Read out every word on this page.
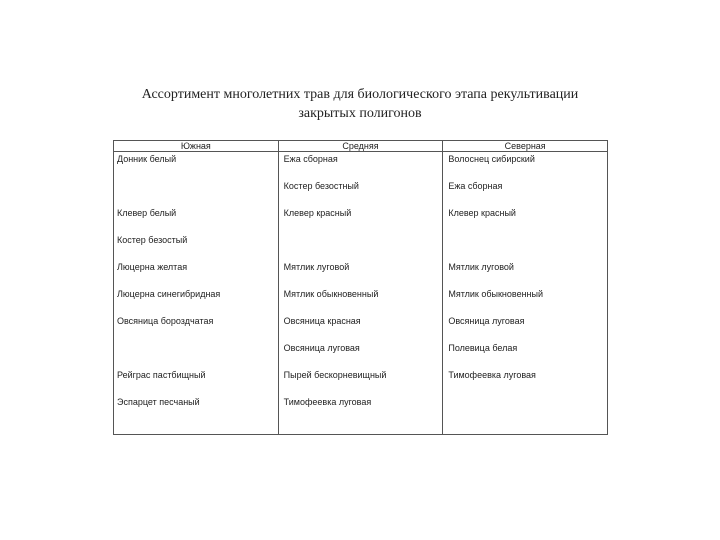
Ассортимент многолетних трав для биологического этапа рекультивации
закрытых полигонов
Южная	Средняя	Северная
Донник белый	Ежа сборная	Волоснец сибирский
	Костер безостный	Ежа сборная
Клевер белый	Клевер красный	Клевер красный
Костер безостый		
Люцерна желтая	Мятлик луговой	Мятлик луговой
Люцерна синегибридная	Мятлик обыкновенный	Мятлик обыкновенный
Овсяница бороздчатая	Овсяница красная	Овсяница луговая
	Овсяница луговая	Полевица белая
Рейграс пастбищный	Пырей бескорневищный	Тимофеевка луговая
Эспарцет песчаный	Тимофеевка луговая	
